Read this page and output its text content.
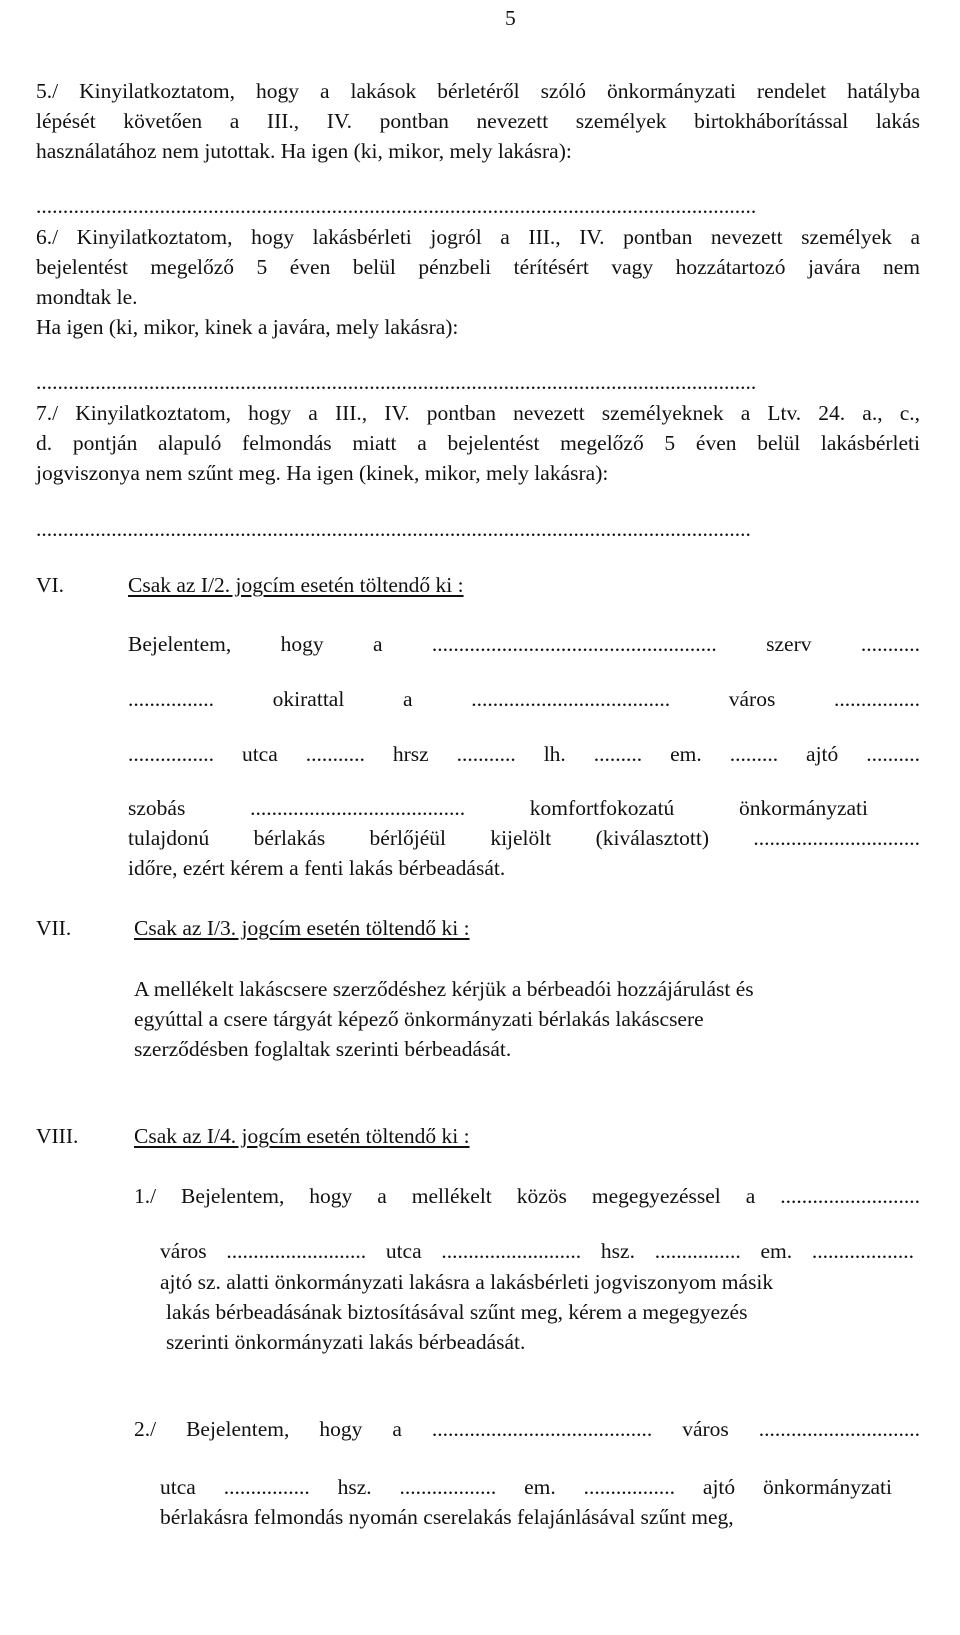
5
5./ Kinyilatkoztatom, hogy a lakások bérletéről szóló önkormányzati rendelet hatályba
lépését követően a III., IV. pontban nevezett személyek birtokháborítással lakás
használatához nem jutottak. Ha igen (ki, mikor, mely lakásra):
......................................................................................................................................
6./ Kinyilatkoztatom, hogy lakásbérleti jogról a III., IV. pontban nevezett személyek a
bejelentést megelőző 5 éven belül pénzbeli térítésért vagy hozzátartozó javára nem
mondtak le.
Ha igen (ki, mikor, kinek a javára, mely lakásra):
......................................................................................................................................
7./ Kinyilatkoztatom, hogy a III., IV. pontban nevezett személyeknek a Ltv. 24. a., c.,
d. pontján alapuló felmondás miatt a bejelentést megelőző 5 éven belül lakásbérleti
jogviszonya nem szűnt meg. Ha igen (kinek, mikor, mely lakásra):
.....................................................................................................................................
VI.	Csak az I/2. jogcím esetén töltendő ki :
Bejelentem, hogy a ..................................................... szerv ...........
................ okirattal a ..................................... város ................
................ utca ........... hrsz ........... lh. ......... em. ......... ajtó ..........
szobás ........................................ komfortfokozatú önkormányzati
tulajdonú bérlakás bérlőjéül kijelölt (kiválasztott) ...............................
időre, ezért kérem a fenti lakás bérbeadását.
VII.	Csak az I/3. jogcím esetén töltendő ki :
A mellékelt lakáscsere szerződéshez kérjük a bérbeadói hozzájárulást és
egyúttal a csere tárgyát képező önkormányzati bérlakás lakáscsere
szerződésben foglaltak szerinti bérbeadását.
VIII.	Csak az I/4. jogcím esetén töltendő ki :
1./ Bejelentem, hogy a mellékelt közös megegyezéssel a ..........................
város .......................... utca .......................... hsz. ................ em. ...................
ajtó sz. alatti önkormányzati lakásra a lakásbérleti jogviszonyom másik
lakás bérbeadásának biztosításával szűnt meg, kérem a megegyezés
szerinti önkormányzati lakás bérbeadását.
2./ Bejelentem, hogy a ......................................... város ..............................
utca ................ hsz. .................. em. ................. ajtó önkormányzati
bérlakásra felmondás nyomán cserelakás felajánlásával szűnt meg,
